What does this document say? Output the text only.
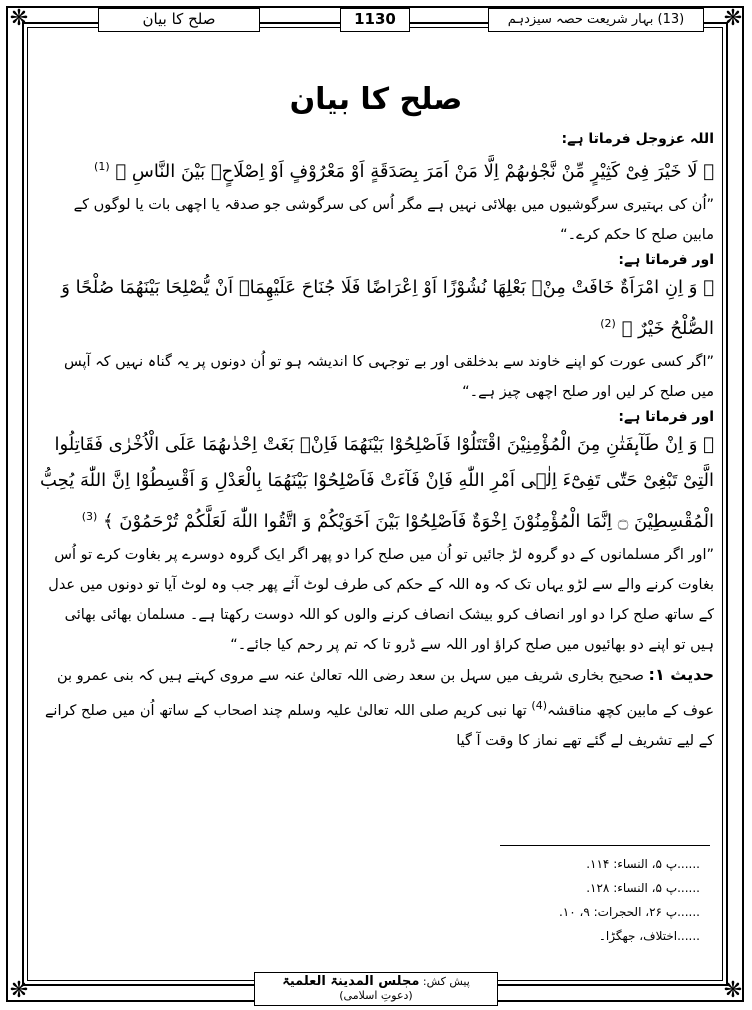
❋	❋
❋	❋
(13) بہار شریعت حصہ سیزدہم
1130
صلح کا بیان
صلح کا بیان

اللہ عزوجل فرماتا ہے:

﴿ لَا خَیْرَ فِیْ كَثِیْرٍ مِّنْ نَّجْوٰىهُمْ اِلَّا مَنْ اَمَرَ بِصَدَقَةٍ اَوْ مَعْرُوْفٍ اَوْ اِصْلَاحٍۭ بَیْنَ النَّاسِ ﴾ $^{(1)}$

”اُن کی بہتیری سرگوشیوں میں بھلائی نہیں ہے مگر اُس کی سرگوشی جو صدقہ یا اچھی بات یا لوگوں کے مابین صلح کا حکم کرے۔“

اور فرماتا ہے:

﴿ وَ اِنِ امْرَاَةٌ خَافَتْ مِنْۢ بَعْلِهَا نُشُوْزًا اَوْ اِعْرَاضًا فَلَا جُنَاحَ عَلَیْهِمَاۤ اَنْ یُّصْلِحَا بَیْنَهُمَا صُلْحًا وَ الصُّلْحُ خَیْرٌ ﴾ $^{(2)}$

”اگر کسی عورت کو اپنے خاوند سے بدخلقی اور بے توجہی کا اندیشہ ہو تو اُن دونوں پر یہ گناہ نہیں کہ آپس میں صلح کر لیں اور صلح اچھی چیز ہے۔“

اور فرماتا ہے:

﴿ وَ اِنْ طَآىٕفَتٰنِ مِنَ الْمُؤْمِنِیْنَ اقْتَتَلُوْا فَاَصْلِحُوْا بَیْنَهُمَا فَاِنْۢ بَغَتْ اِحْدٰىهُمَا عَلَى الْاُخْرٰى فَقَاتِلُوا الَّتِیْ تَبْغِیْ حَتّٰى تَفِیْٓءَ اِلٰۤى اَمْرِ اللّٰهِ فَاِنْ فَآءَتْ فَاَصْلِحُوْا بَیْنَهُمَا بِالْعَدْلِ وَ اَقْسِطُوْا اِنَّ اللّٰهَ یُحِبُّ الْمُقْسِطِیْنَ ۝ اِنَّمَا الْمُؤْمِنُوْنَ اِخْوَةٌ فَاَصْلِحُوْا بَیْنَ اَخَوَیْكُمْ وَ اتَّقُوا اللّٰهَ لَعَلَّكُمْ تُرْحَمُوْنَ ﴾ $^{(3)}$

”اور اگر مسلمانوں کے دو گروہ لڑ جائیں تو اُن میں صلح کرا دو پھر اگر ایک گروہ دوسرے پر بغاوت کرے تو اُس بغاوت کرنے والے سے لڑو یہاں تک کہ وہ اللہ کے حکم کی طرف لوٹ آئے پھر جب وہ لوٹ آیا تو دونوں میں عدل کے ساتھ صلح کرا دو اور انصاف کرو بیشک انصاف کرنے والوں کو اللہ دوست رکھتا ہے۔ مسلمان بھائی بھائی ہیں تو اپنے دو بھائیوں میں صلح کراؤ اور اللہ سے ڈرو تا کہ تم پر رحم کیا جائے۔“

حدیث ۱: صحیح بخاری شریف میں سہل بن سعد رضی اللہ تعالیٰ عنہ سے مروی کہتے ہیں کہ بنی عمرو بن عوف کے مابین کچھ مناقشہ$^{(4)}$ تھا نبی کریم صلی اللہ تعالیٰ علیہ وسلم چند اصحاب کے ساتھ اُن میں صلح کرانے کے لیے تشریف لے گئے تھے نماز کا وقت آ گیا

......پ ۵، النساء: ۱۱۴.

......پ ۵، النساء: ۱۲۸.

......پ ۲۶، الحجرات: ۹، ۱۰.

......اختلاف، جھگڑا۔

پیش کش: مجلس المدینۃ العلمیۃ
(دعوتِ اسلامی)
